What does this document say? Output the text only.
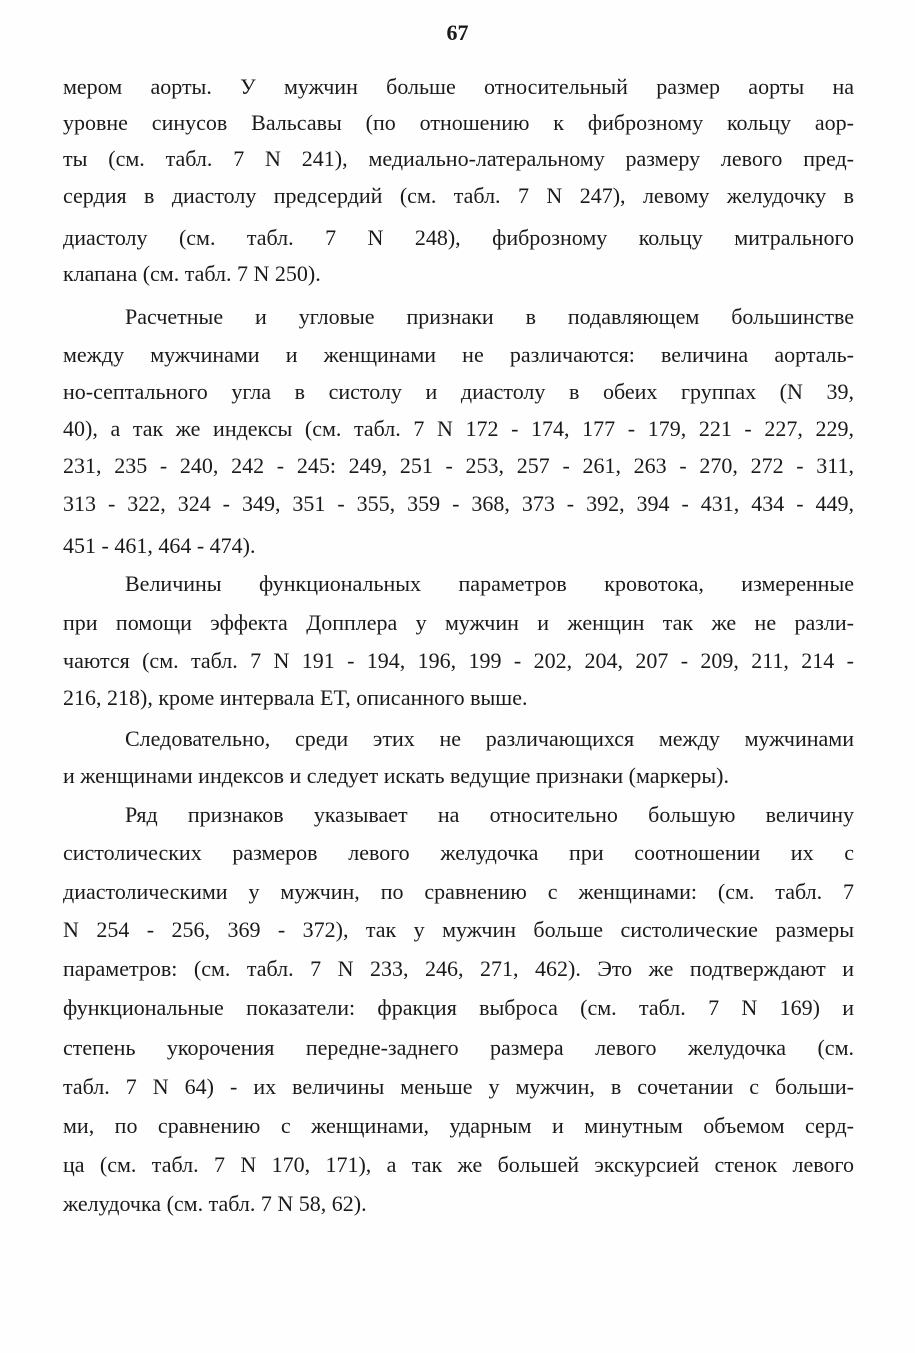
67
мером аорты. У мужчин больше относительный размер аорты на
уровне синусов Вальсавы (по отношению к фиброзному кольцу аор-
ты (см. табл. 7 N 241), медиально-латеральному размеру левого пред-
сердия в диастолу предсердий (см. табл. 7 N 247), левому желудочку в
диастолу (см. табл. 7 N 248), фиброзному кольцу митрального
клапана (см. табл. 7 N 250).
Расчетные и угловые признаки в подавляющем большинстве
между мужчинами и женщинами не различаются: величина аорталь-
но-септального угла в систолу и диастолу в обеих группах (N 39,
40), а так же индексы (см. табл. 7 N 172 - 174, 177 - 179, 221 - 227, 229,
231, 235 - 240, 242 - 245: 249, 251 - 253, 257 - 261, 263 - 270, 272 - 311,
313 - 322, 324 - 349, 351 - 355, 359 - 368, 373 - 392, 394 - 431, 434 - 449,
451 - 461, 464 - 474).
Величины функциональных параметров кровотока, измеренные
при помощи эффекта Допплера у мужчин и женщин так же не разли-
чаются (см. табл. 7 N 191 - 194, 196, 199 - 202, 204, 207 - 209, 211, 214 -
216, 218), кроме интервала ET, описанного выше.
Следовательно, среди этих не различающихся между мужчинами
и женщинами индексов и следует искать ведущие признаки (маркеры).
Ряд признаков указывает на относительно большую величину
систолических размеров левого желудочка при соотношении их с
диастолическими у мужчин, по сравнению с женщинами: (см. табл. 7
N 254 - 256, 369 - 372), так у мужчин больше систолические размеры
параметров: (см. табл. 7 N 233, 246, 271, 462). Это же подтверждают и
функциональные показатели: фракция выброса (см. табл. 7 N 169) и
степень укорочения передне-заднего размера левого желудочка (см.
табл. 7 N 64) - их величины меньше у мужчин, в сочетании с больши-
ми, по сравнению с женщинами, ударным и минутным объемом серд-
ца (см. табл. 7 N 170, 171), а так же большей экскурсией стенок левого
желудочка (см. табл. 7 N 58, 62).
